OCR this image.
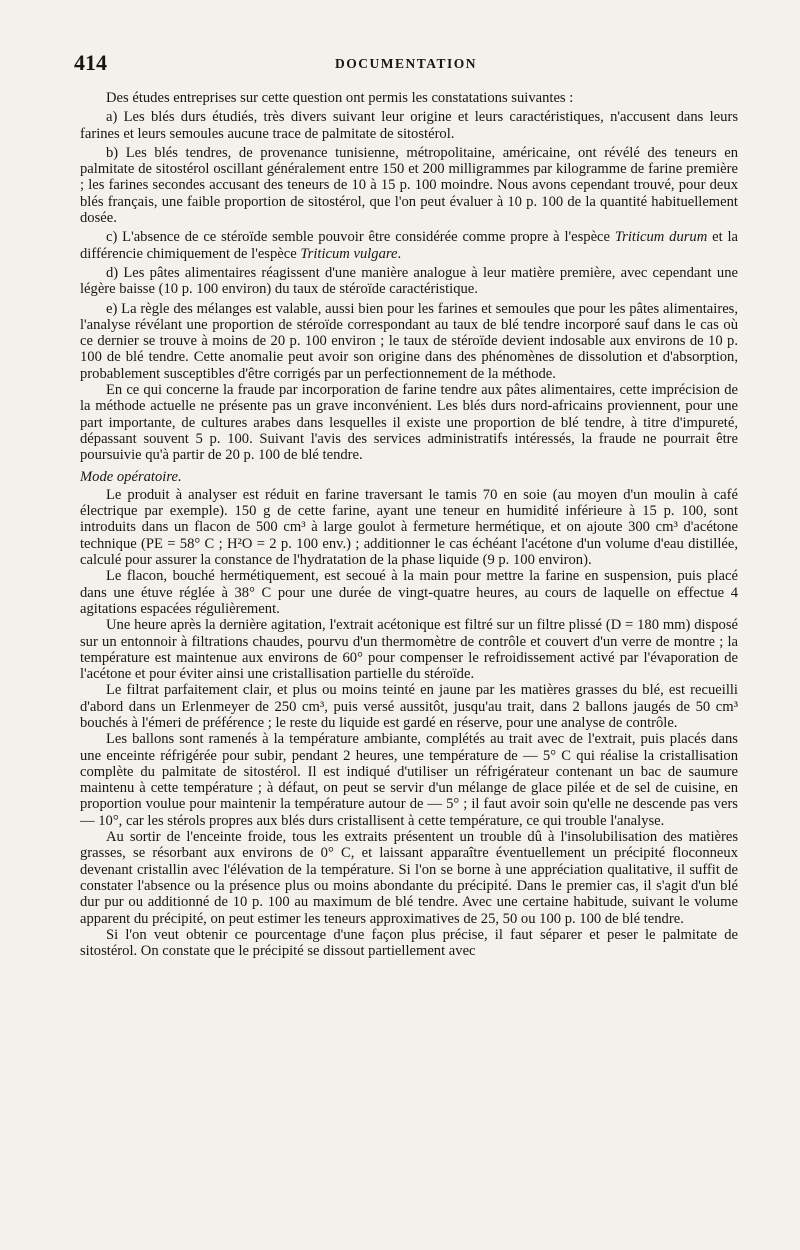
414	DOCUMENTATION

Des études entreprises sur cette question ont permis les constatations suivantes :

a) Les blés durs étudiés, très divers suivant leur origine et leurs caractéristiques, n'accusent dans leurs farines et leurs semoules aucune trace de palmitate de sitostérol.

b) Les blés tendres, de provenance tunisienne, métropolitaine, américaine, ont révélé des teneurs en palmitate de sitostérol oscillant généralement entre 150 et 200 milligrammes par kilogramme de farine première ; les farines secondes accusant des teneurs de 10 à 15 p. 100 moindre. Nous avons cependant trouvé, pour deux blés français, une faible proportion de sitostérol, que l'on peut évaluer à 10 p. 100 de la quantité habituellement dosée.

c) L'absence de ce stéroïde semble pouvoir être considérée comme propre à l'espèce Triticum durum et la différencie chimiquement de l'espèce Triticum vulgare.

d) Les pâtes alimentaires réagissent d'une manière analogue à leur matière première, avec cependant une légère baisse (10 p. 100 environ) du taux de stéroïde caractéristique.

e) La règle des mélanges est valable, aussi bien pour les farines et semoules que pour les pâtes alimentaires, l'analyse révélant une proportion de stéroïde correspondant au taux de blé tendre incorporé sauf dans le cas où ce dernier se trouve à moins de 20 p. 100 environ ; le taux de stéroïde devient indosable aux environs de 10 p. 100 de blé tendre. Cette anomalie peut avoir son origine dans des phénomènes de dissolution et d'absorption, probablement susceptibles d'être corrigés par un perfectionnement de la méthode.

En ce qui concerne la fraude par incorporation de farine tendre aux pâtes alimentaires, cette imprécision de la méthode actuelle ne présente pas un grave inconvénient. Les blés durs nord-africains proviennent, pour une part importante, de cultures arabes dans lesquelles il existe une proportion de blé tendre, à titre d'impureté, dépassant souvent 5 p. 100. Suivant l'avis des services administratifs intéressés, la fraude ne pourrait être poursuivie qu'à partir de 20 p. 100 de blé tendre.

Mode opératoire.

Le produit à analyser est réduit en farine traversant le tamis 70 en soie (au moyen d'un moulin à café électrique par exemple). 150 g de cette farine, ayant une teneur en humidité inférieure à 15 p. 100, sont introduits dans un flacon de 500 cm³ à large goulot à fermeture hermétique, et on ajoute 300 cm³ d'acétone technique (PE = 58° C ; H²O = 2 p. 100 env.) ; additionner le cas échéant l'acétone d'un volume d'eau distillée, calculé pour assurer la constance de l'hydratation de la phase liquide (9 p. 100 environ).

Le flacon, bouché hermétiquement, est secoué à la main pour mettre la farine en suspension, puis placé dans une étuve réglée à 38° C pour une durée de vingt-quatre heures, au cours de laquelle on effectue 4 agitations espacées régulièrement.

Une heure après la dernière agitation, l'extrait acétonique est filtré sur un filtre plissé (D = 180 mm) disposé sur un entonnoir à filtrations chaudes, pourvu d'un thermomètre de contrôle et couvert d'un verre de montre ; la température est maintenue aux environs de 60° pour compenser le refroidissement activé par l'évaporation de l'acétone et pour éviter ainsi une cristallisation partielle du stéroïde.

Le filtrat parfaitement clair, et plus ou moins teinté en jaune par les matières grasses du blé, est recueilli d'abord dans un Erlenmeyer de 250 cm³, puis versé aussitôt, jusqu'au trait, dans 2 ballons jaugés de 50 cm³ bouchés à l'émeri de préférence ; le reste du liquide est gardé en réserve, pour une analyse de contrôle.

Les ballons sont ramenés à la température ambiante, complétés au trait avec de l'extrait, puis placés dans une enceinte réfrigérée pour subir, pendant 2 heures, une température de — 5° C qui réalise la cristallisation complète du palmitate de sitostérol. Il est indiqué d'utiliser un réfrigérateur contenant un bac de saumure maintenu à cette température ; à défaut, on peut se servir d'un mélange de glace pilée et de sel de cuisine, en proportion voulue pour maintenir la température autour de — 5° ; il faut avoir soin qu'elle ne descende pas vers — 10°, car les stérols propres aux blés durs cristallisent à cette température, ce qui trouble l'analyse.

Au sortir de l'enceinte froide, tous les extraits présentent un trouble dû à l'insolubilisation des matières grasses, se résorbant aux environs de 0° C, et laissant apparaître éventuellement un précipité floconneux devenant cristallin avec l'élévation de la température. Si l'on se borne à une appréciation qualitative, il suffit de constater l'absence ou la présence plus ou moins abondante du précipité. Dans le premier cas, il s'agit d'un blé dur pur ou additionné de 10 p. 100 au maximum de blé tendre. Avec une certaine habitude, suivant le volume apparent du précipité, on peut estimer les teneurs approximatives de 25, 50 ou 100 p. 100 de blé tendre.

Si l'on veut obtenir ce pourcentage d'une façon plus précise, il faut séparer et peser le palmitate de sitostérol. On constate que le précipité se dissout partiellement avec
